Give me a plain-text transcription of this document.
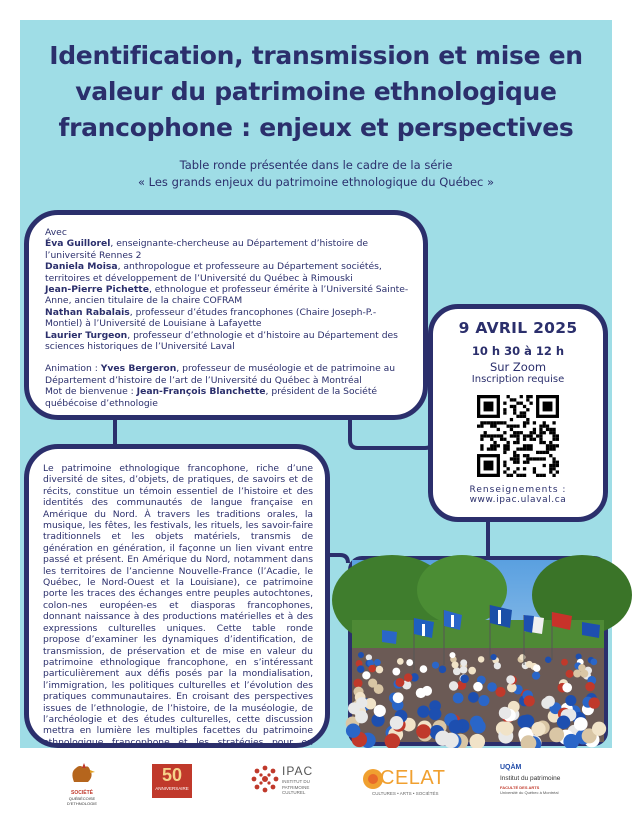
Identification, transmission et mise en
valeur du patrimoine ethnologique
francophone : enjeux et perspectives
Table ronde présentée dans le cadre de la série
« Les grands enjeux du patrimoine ethnologique du Québec »

Avec

Éva Guillorel, enseignante-chercheuse au Département d’histoire de l’université Rennes 2

Daniela Moisa, anthropologue et professeure au Département sociétés, territoires et développement de l’Université du Québec à Rimouski

Jean-Pierre Pichette, ethnologue et professeur émérite à l’Université Sainte-Anne, ancien titulaire de la chaire COFRAM

Nathan Rabalais, professeur d’études francophones (Chaire Joseph-P.-Montiel) à l’Université de Louisiane à Lafayette

Laurier Turgeon, professeur d’ethnologie et d’histoire au Département des sciences historiques de l’Université Laval

Animation : Yves Bergeron, professeur de muséologie et de patrimoine au Département d’histoire de l’art de l’Université du Québec à Montréal

Mot de bienvenue : Jean-François Blanchette, président de la Société québécoise d’ethnologie

9 AVRIL 2025
10 h 30 à 12 h
Sur Zoom
Inscription requise
Renseignements :
www.ipac.ulaval.ca
Le patrimoine ethnologique francophone, riche d’une diversité de sites, d’objets, de pratiques, de savoirs et de récits, constitue un témoin essentiel de l’histoire et des identités des communautés de langue française en Amérique du Nord. À travers les traditions orales, la musique, les fêtes, les festivals, les rituels, les savoir-faire traditionnels et les objets matériels, transmis de génération en génération, il façonne un lien vivant entre passé et présent. En Amérique du Nord, notamment dans les territoires de l’ancienne Nouvelle-France (l’Acadie, le Québec, le Nord-Ouest et la Louisiane), ce patrimoine porte les traces des échanges entre peuples autochtones, colon-nes européen-es et diasporas francophones, donnant naissance à des productions matérielles et à des expressions culturelles uniques. Cette table ronde propose d’examiner les dynamiques d’identification, de transmission, de préservation et de mise en valeur du patrimoine ethnologique francophone, en s’intéressant particulièrement aux défis posés par la mondialisation, l’immigration, les politiques culturelles et l’évolution des pratiques communautaires. En croisant des perspectives issues de l’ethnologie, de l’histoire, de la muséologie, de l’archéologie et des études culturelles, cette discussion mettra en lumière les multiples facettes du patrimoine ethnologique francophone et les stratégies pour en
SOCIÉTÉ
QUÉBÉCOISE
D’ETHNOLOGIE
50
ANNIVERSAIRE
IPAC
INSTITUT DU
PATRIMOINE
CULTUREL
CELAT
CULTURES • ARTS • SOCIÉTÉS
UQÀM
Institut du patrimoine
FACULTÉ DES ARTS
Université du Québec à Montréal
